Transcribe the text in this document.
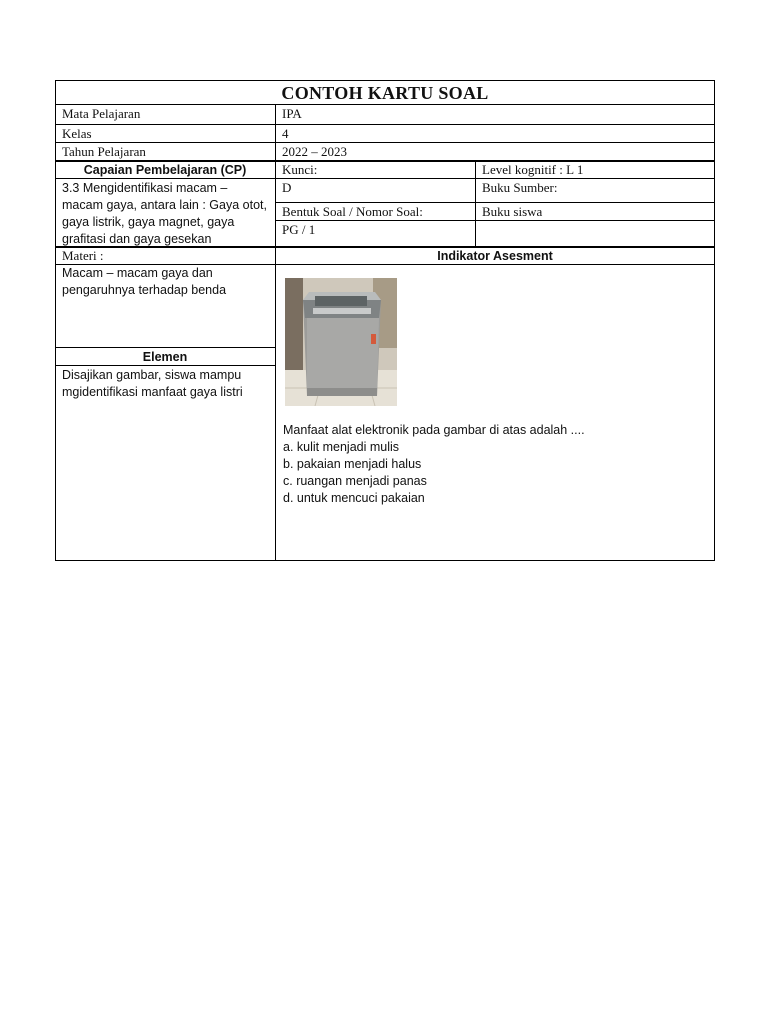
CONTOH KARTU SOAL
Mata Pelajaran	IPA
Kelas	4
Tahun Pelajaran	2022 – 2023
Capaian Pembelajaran (CP)
3.3 Mengidentifikasi macam – macam gaya, antara lain : Gaya otot, gaya listrik, gaya magnet, gaya grafitasi dan gaya gesekan
Kunci:	Level kognitif : L 1
D	Buku Sumber:
Bentuk Soal / Nomor Soal:	Buku siswa
PG / 1
Materi :	Indikator Asesment
Macam – macam gaya dan pengaruhnya terhadap benda
Elemen
Disajikan gambar, siswa mampu mgidentifikasi manfaat gaya listri
Manfaat alat elektronik pada gambar di atas adalah ....
a. kulit menjadi mulis
b. pakaian menjadi halus
c. ruangan menjadi panas
d. untuk mencuci pakaian
